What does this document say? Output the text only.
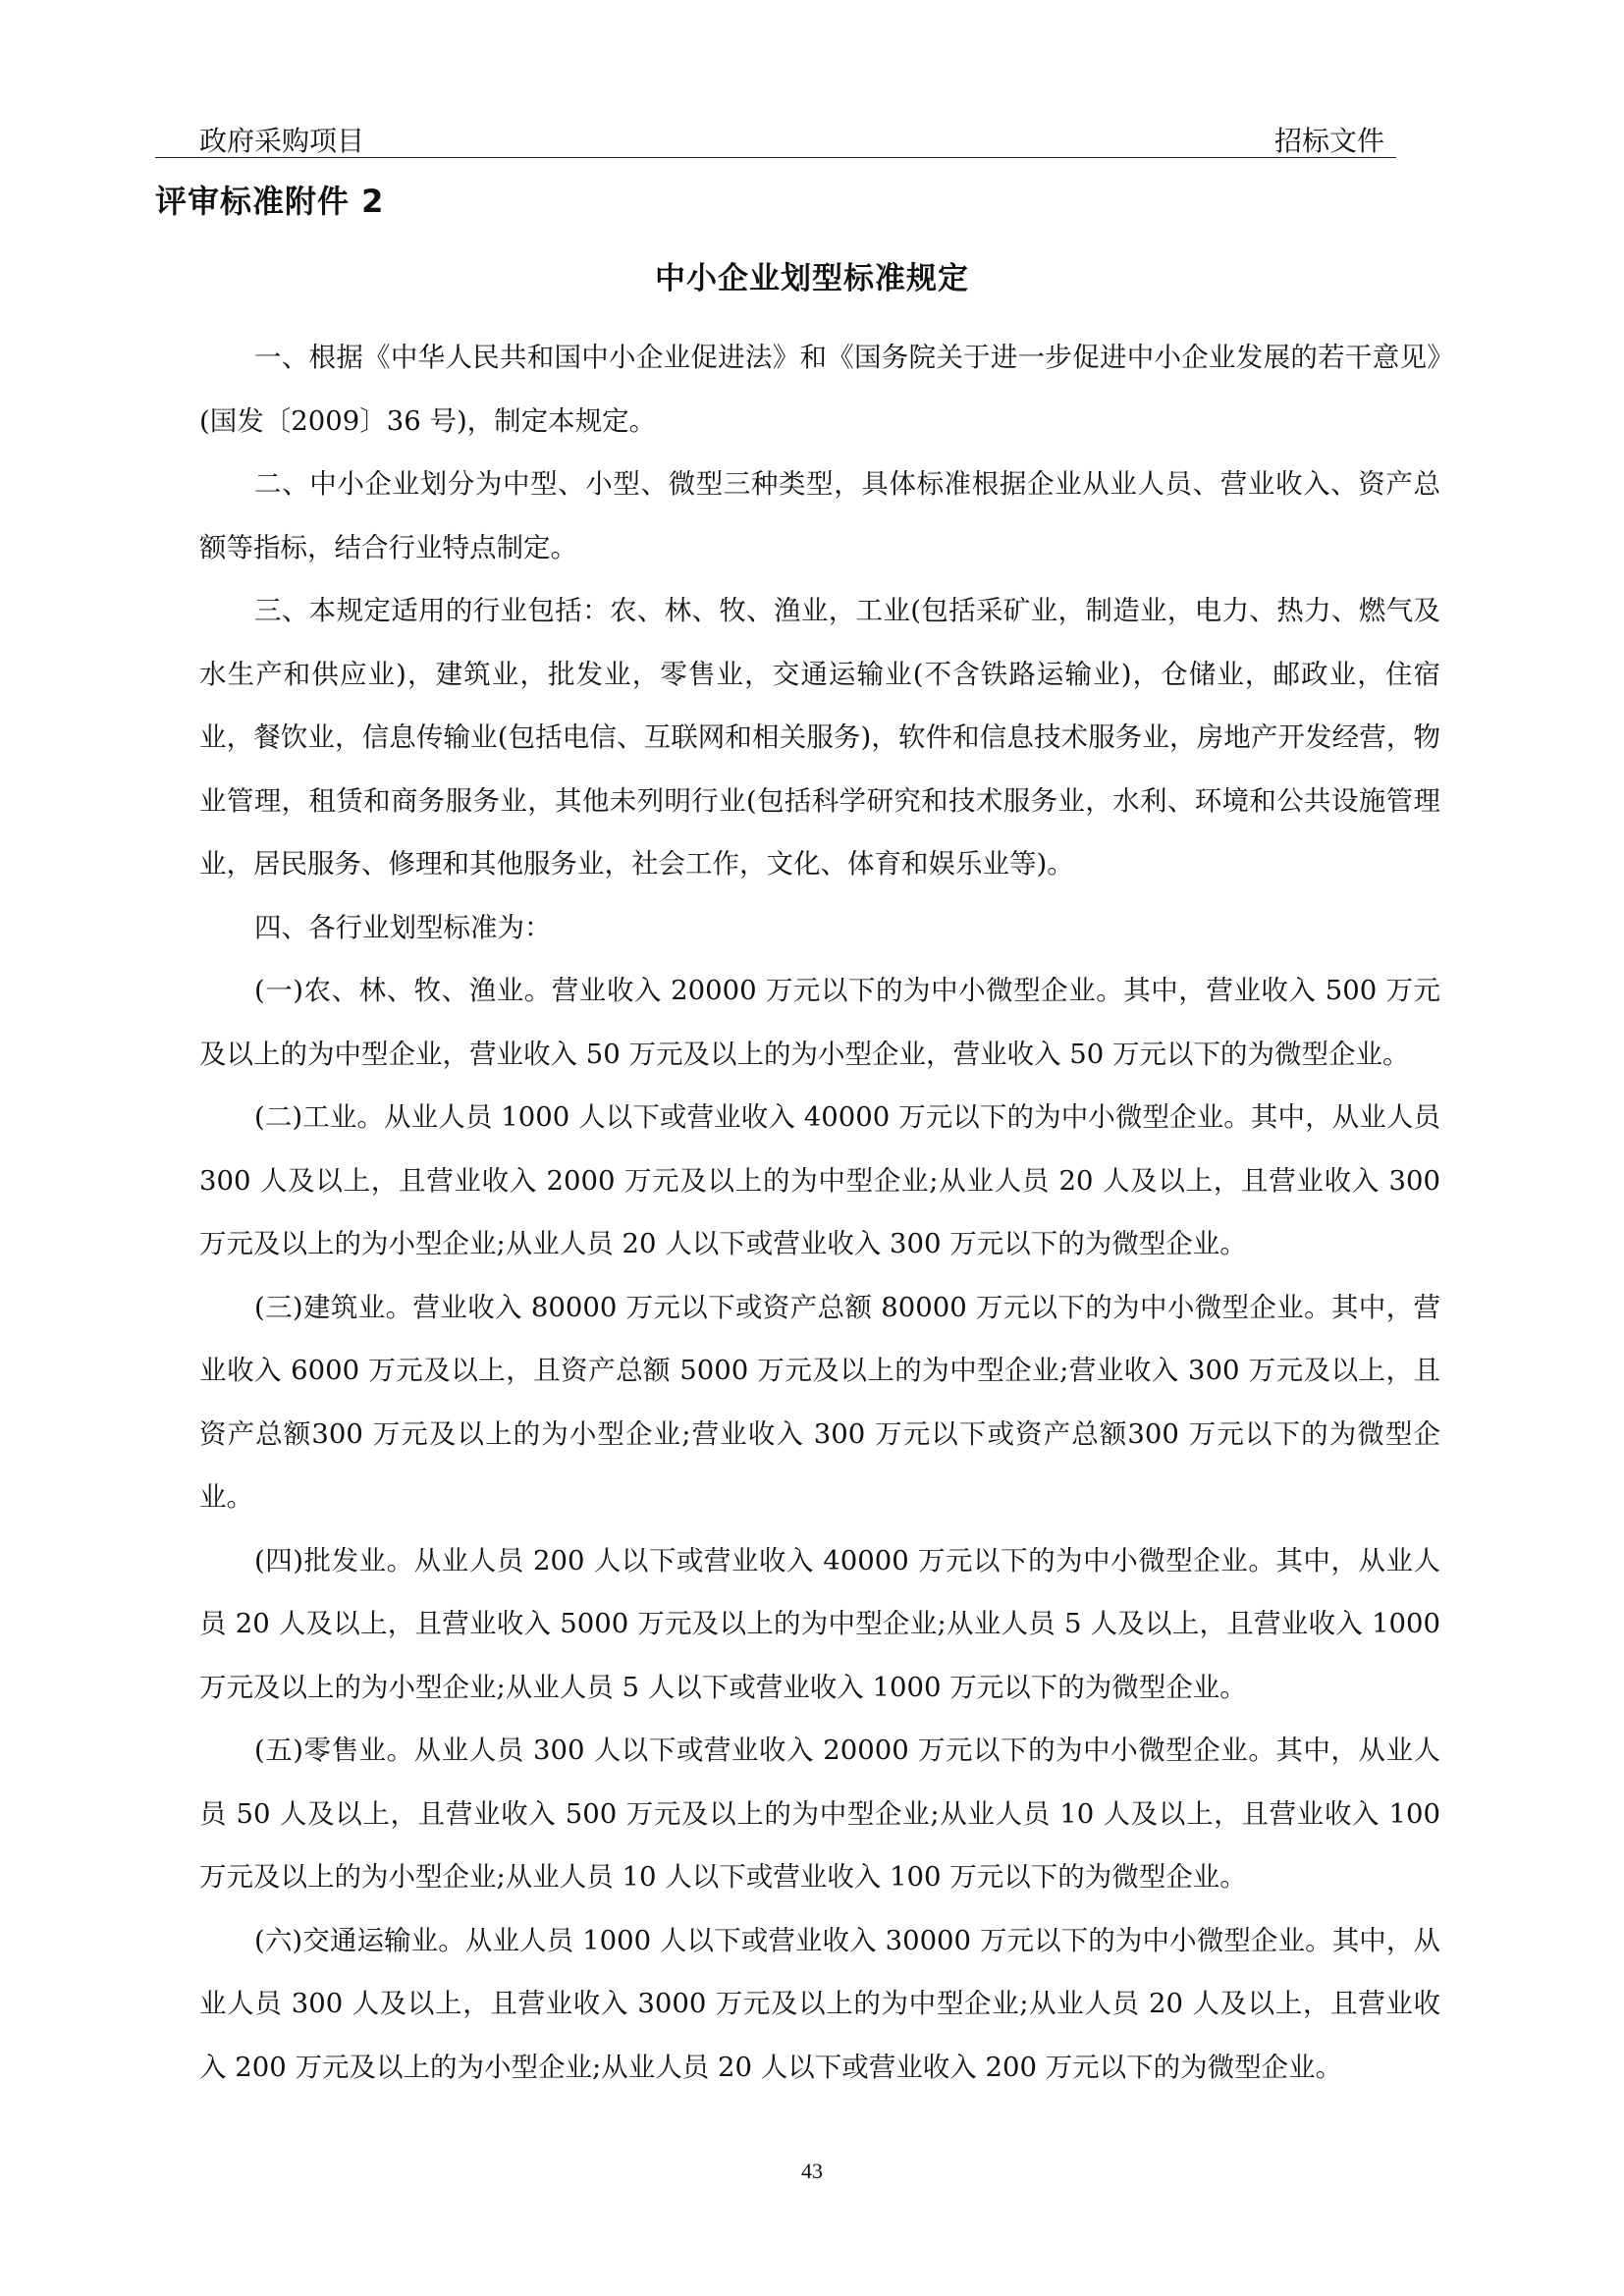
政府采购项目	招标文件
评审标准附件 2
中小企业划型标准规定

一、根据《中华人民共和国中小企业促进法》和《国务院关于进一步促进中小企业发展的若干意见》(国发〔2009〕36 号)，制定本规定。

二、中小企业划分为中型、小型、微型三种类型，具体标准根据企业从业人员、营业收入、资产总额等指标，结合行业特点制定。

三、本规定适用的行业包括：农、林、牧、渔业，工业(包括采矿业，制造业，电力、热力、燃气及水生产和供应业)，建筑业，批发业，零售业，交通运输业(不含铁路运输业)，仓储业，邮政业，住宿业，餐饮业，信息传输业(包括电信、互联网和相关服务)，软件和信息技术服务业，房地产开发经营，物业管理，租赁和商务服务业，其他未列明行业(包括科学研究和技术服务业，水利、环境和公共设施管理业，居民服务、修理和其他服务业，社会工作，文化、体育和娱乐业等)。

四、各行业划型标准为：

(一)农、林、牧、渔业。营业收入 20000 万元以下的为中小微型企业。其中，营业收入 500 万元及以上的为中型企业，营业收入 50 万元及以上的为小型企业，营业收入 50 万元以下的为微型企业。

(二)工业。从业人员 1000 人以下或营业收入 40000 万元以下的为中小微型企业。其中，从业人员 300 人及以上，且营业收入 2000 万元及以上的为中型企业;从业人员 20 人及以上，且营业收入 300 万元及以上的为小型企业;从业人员 20 人以下或营业收入 300 万元以下的为微型企业。

(三)建筑业。营业收入 80000 万元以下或资产总额 80000 万元以下的为中小微型企业。其中，营业收入 6000 万元及以上，且资产总额 5000 万元及以上的为中型企业;营业收入 300 万元及以上，且资产总额300 万元及以上的为小型企业;营业收入 300 万元以下或资产总额300 万元以下的为微型企业。

(四)批发业。从业人员 200 人以下或营业收入 40000 万元以下的为中小微型企业。其中，从业人员 20 人及以上，且营业收入 5000 万元及以上的为中型企业;从业人员 5 人及以上，且营业收入 1000 万元及以上的为小型企业;从业人员 5 人以下或营业收入 1000 万元以下的为微型企业。

(五)零售业。从业人员 300 人以下或营业收入 20000 万元以下的为中小微型企业。其中，从业人员 50 人及以上，且营业收入 500 万元及以上的为中型企业;从业人员 10 人及以上，且营业收入 100 万元及以上的为小型企业;从业人员 10 人以下或营业收入 100 万元以下的为微型企业。

(六)交通运输业。从业人员 1000 人以下或营业收入 30000 万元以下的为中小微型企业。其中，从业人员 300 人及以上，且营业收入 3000 万元及以上的为中型企业;从业人员 20 人及以上，且营业收入 200 万元及以上的为小型企业;从业人员 20 人以下或营业收入 200 万元以下的为微型企业。

43
